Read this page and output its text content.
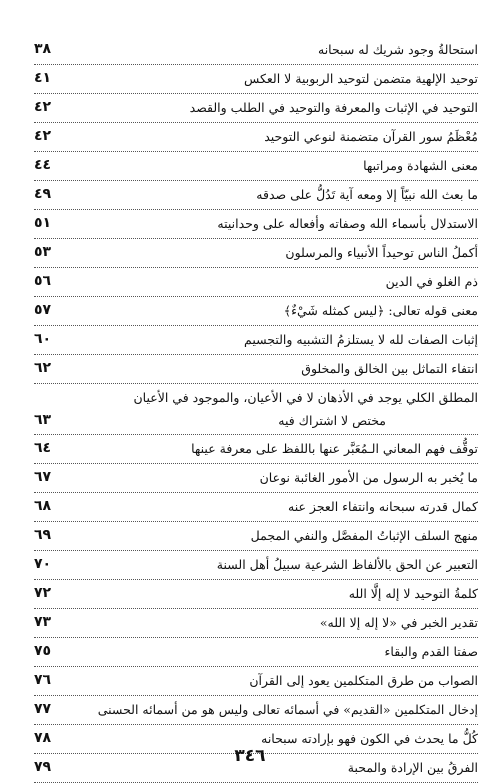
استحالةُ وجود شريك له سبحانه
٣٨
توحيد الإلهية متضمن لتوحيد الربوبية لا العكس
٤١
التوحيد في الإثبات والمعرفة والتوحيد في الطلب والقصد
٤٢
مُعْظَمُ سور القرآن متضمنة لنوعي التوحيد
٤٢
معنى الشهادة ومراتبها
٤٤
ما بعث الله نبيّاً إلا ومعه آية تَدُلُّ على صدقه
٤٩
الاستدلال بأسماء الله وصفاته وأفعاله على وحدانيته
٥١
أكملُ الناس توحيداً الأنبياء والمرسلون
٥٣
ذم الغلو في الدين
٥٦
معنى قوله تعالى: ﴿ليس كمثله شَيْءٌ﴾
٥٧
إثبات الصفات لله لا يستلزمُ التشبيه والتجسيم
٦٠
انتفاء التماثل بين الخالق والمخلوق
٦٢
المطلق الكلي يوجد في الأذهان لا في الأعيان، والموجود في الأعيان
مختص لا اشتراك فيه
٦٣
توقُّف فهم المعاني الـمُعَبَّر عنها باللفظ على معرفة عينها
٦٤
ما يُخبر به الرسول من الأمور الغائبة نوعان
٦٧
كمال قدرته سبحانه وانتفاء العجز عنه
٦٨
منهج السلف الإثباتُ المفصَّل والنفي المجمل
٦٩
التعبير عن الحق بالألفاظ الشرعية سبيلُ أهل السنة
٧٠
كلمةُ التوحيد لا إله إلَّا الله
٧٢
تقدير الخبر في «لا إله إلا الله»
٧٣
صفتا القدم والبقاء
٧٥
الصواب من طرق المتكلمين يعود إلى القرآن
٧٦
إدخال المتكلمين «القديم» في أسمائه تعالى وليس هو من أسمائه الحسنى
٧٧
كُلُّ ما يحدث في الكون فهو بإرادته سبحانه
٧٨
الفرقُ بين الإرادة والمحبة
٧٩
٣٤٦
